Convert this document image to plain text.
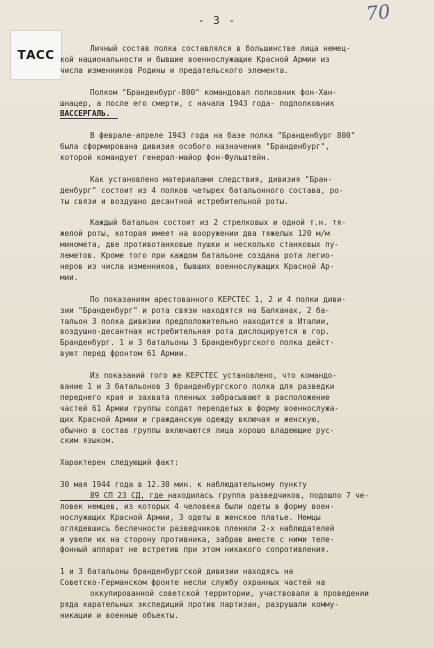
- 3 -	70
ТАСС	Личный состав полка составлялся в большинстве лица немец-
кой национальности и бывшие военнослужащие Красной Армии из
числа изменников Родины и предательского элемента.
Полком "Бранденбург-800" командовал полковник фон-Хан-
шнацер, а после его смерти, с начала 1943 года- подполковник
ВАССЕРГАЛЬ.
В феврале-апреле 1943 года на базе полка "Бранденбург 800"
была сформирована дивизия особого назначения "Бранденбург",
которой командует генерал-майор фон-Фульштейн.
Как установлено материалами следствия, дивизия "Бран-
денбург" состоит из 4 полков четырех батальонного состава, ро-
ты связи и воздушно десантной истребительной роты.
Каждый батальон состоит из 2 стрелковых и одной т.н. тя-
желой роты, которая имеет на вооружении два тяжелых 120 м/м
миномета, две противотанковые пушки и несколько станковых пу-
леметов. Кроме того при каждом батальоне создана рота легио-
неров из числа изменников, бывших военнослужащих Красной Ар-
мии.
По показаниям арестованного КЕРСТЕС 1, 2 и 4 полки диви-
зии "Бранденбург" и рота связи находятся на Балканах, 2 ба-
тальон 3 полка дивизии предположительно находится в Италии,
воздушно-десантная истребительная рота дислоцируется в гор.
Бранденбург. 1 и 3 батальоны 3 Бранденбургского полка дейст-
вуют перед фронтом 61 Армии.
Из показаний того же КЕРСТЕС установлено, что командо-
вание 1 и 3 батальонов 3 бранденбургского полка для разведки
переднего края и захвата пленных забрасывают в расположение
частей 61 Армии группы солдат переодетых в форму военнослужа-
щих Красной Армии и гражданскую одежду включая и женскую,
обычно в состав группы включаются лица хорошо владеющие рус-
ским языком.
Характерен следующий факт:
30 мая 1944 года в 12.30 мин. к наблюдательному пункту
89 СП 23 СД, где находилась группа разведчиков, подошло 7 че-
ловек немцев, из которых 4 человека были одеты в форму воен-
нослужащих Красной Армии, 3 одеты в женское платье. Немцы
оглядевшись беспечности разведчиков пленили 2-х наблюдателей
и увели их на сторону противника, забрав вместе с ними теле-
фонный аппарат не встретив при этом никакого сопротивления.
1 и 3 батальоны бранденбургской дивизии находясь на
Советско-Германском фронте несли службу охранных частей на
оккупированной советской территории, участвовали в проведении
ряда карательных экспедиций против партизан, разрушали комму-
никации и военные объекты.
